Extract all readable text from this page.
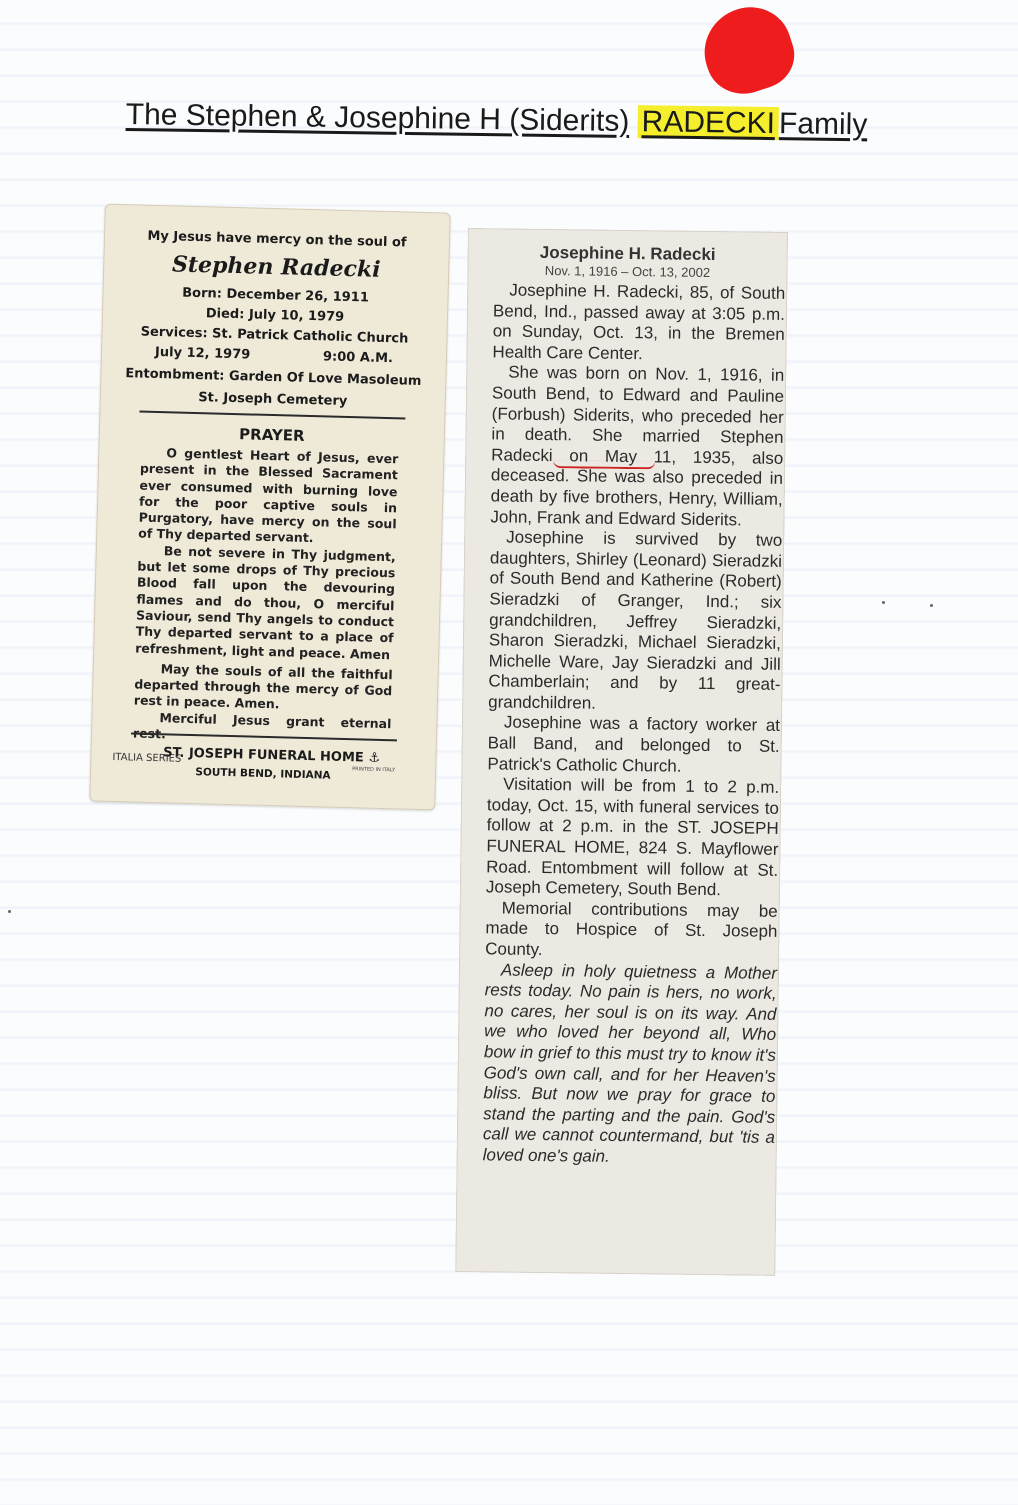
The Stephen & Josephine H (Siderits) RADECKI Family
My Jesus have mercy on the soul of
Stephen Radecki
Born: December 26, 1911
Died: July 10, 1979
Services: St. Patrick Catholic Church
July 12, 1979	9:00 A.M.
Entombment: Garden Of Love Masoleum
St. Joseph Cemetery
PRAYER
O gentlest Heart of Jesus, ever present in the Blessed Sacrament ever consumed with burning love for the poor captive souls in Purgatory, have mercy on the soul of Thy departed servant.
Be not severe in Thy judgment, but let some drops of Thy precious Blood fall upon the devouring flames and do thou, O merciful Saviour, send Thy angels to conduct Thy departed servant to a place of refreshment, light and peace. Amen
May the souls of all the faithful departed through the mercy of God rest in peace. Amen.
Merciful Jesus grant eternal rest.
ST. JOSEPH FUNERAL HOME
SOUTH BEND, INDIANA
ITALIA SERIES	⚓
PRINTED IN ITALY
Josephine H. Radecki
Nov. 1, 1916 – Oct. 13, 2002

Josephine H. Radecki, 85, of South Bend, Ind., passed away at 3:05 p.m. on Sunday, Oct. 13, in the Bremen Health Care Center.

She was born on Nov. 1, 1916, in South Bend, to Edward and Pauline (Forbush) Siderits, who preceded her in death. She married Stephen Radecki on May 11, 1935, also deceased. She was also preceded in death by five brothers, Henry, William, John, Frank and Edward Siderits.

Josephine is survived by two daughters, Shirley (Leonard) Sieradzki of South Bend and Katherine (Robert) Sieradzki of Granger, Ind.; six grandchildren, Jeffrey Sieradzki, Sharon Sieradzki, Michael Sieradzki, Michelle Ware, Jay Sieradzki and Jill Chamberlain; and by 11 great-grandchildren.

Josephine was a factory worker at Ball Band, and belonged to St. Patrick's Catholic Church.

Visitation will be from 1 to 2 p.m. today, Oct. 15, with funeral services to follow at 2 p.m. in the ST. JOSEPH FUNERAL HOME, 824 S. Mayflower Road. Entombment will follow at St. Joseph Cemetery, South Bend.

Memorial contributions may be made to Hospice of St. Joseph County.

Asleep in holy quietness a Mother rests today. No pain is hers, no work, no cares, her soul is on its way. And we who loved her beyond all, Who bow in grief to this must try to know it's God's own call, and for her Heaven's bliss. But now we pray for grace to stand the parting and the pain. God's call we cannot countermand, but 'tis a loved one's gain.
